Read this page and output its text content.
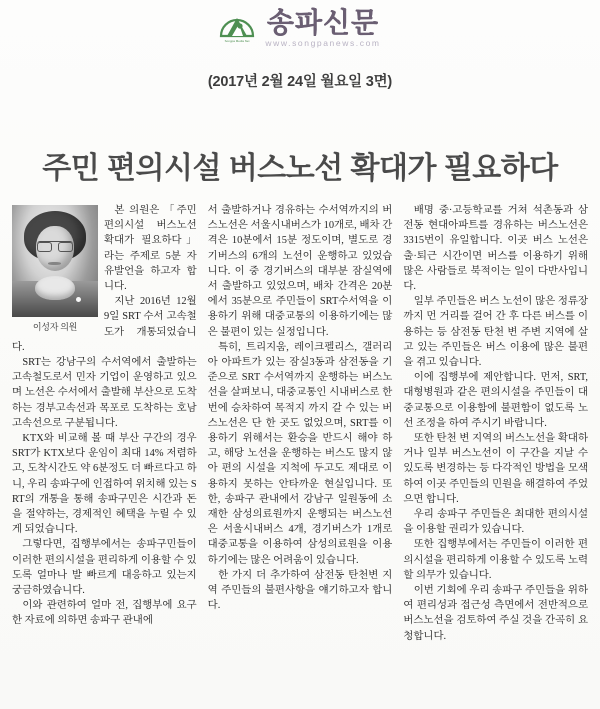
Songpa Media Net
송파신문
www.songpanews.com
(2017년 2월 24일 월요일 3면)
주민 편의시설 버스노선 확대가 필요하다
이성자 의원

본 의원은 「주민 편의시설 버스노선 확대가 필요하다」라는 주제로 5분 자유발언을 하고자 합니다.

지난 2016년 12월 9일 SRT 수서 고속철도가 개통되었습니다.

SRT는 강남구의 수서역에서 출발하는 고속철도로서 민자 기업이 운영하고 있으며 노선은 수서에서 출발해 부산으로 도착하는 경부고속선과 목포로 도착하는 호남 고속선으로 구분됩니다.

KTX와 비교해 볼 때 부산 구간의 경우 SRT가 KTX보다 운임이 최대 14% 저렴하고, 도착시간도 약 6분정도 더 빠르다고 하니, 우리 송파구에 인접하여 위치해 있는 SRT의 개통을 통해 송파구민은 시간과 돈을 절약하는, 경제적인 혜택을 누릴 수 있게 되었습니다.

그렇다면, 집행부에서는 송파구민들이 이러한 편의시설을 편리하게 이용할 수 있도록 얼마나 발 빠르게 대응하고 있는지 궁금하였습니다.

이와 관련하여 얼마 전, 집행부에 요구한 자료에 의하면 송파구 관내에

서 출발하거나 경유하는 수서역까지의 버스노선은 서울시내버스가 10개로, 배차 간격은 10분에서 15분 정도이며, 별도로 경기버스의 6개의 노선이 운행하고 있었습니다. 이 중 경기버스의 대부분 잠실역에서 출발하고 있었으며, 배차 간격은 20분에서 35분으로 주민들이 SRT수서역을 이용하기 위해 대중교통의 이용하기에는 많은 불편이 있는 실정입니다.

특히, 트리지움, 레이크펠리스, 갤러리아 아파트가 있는 잠실3동과 삼전동을 기준으로 SRT 수서역까지 운행하는 버스노선을 살펴보니, 대중교통인 시내버스로 한 번에 승차하여 목적지 까지 갈 수 있는 버스노선은 단 한 곳도 없었으며, SRT를 이용하기 위해서는 환승을 반드시 해야 하고, 해당 노선을 운행하는 버스도 많지 않아 편의 시설을 지척에 두고도 제대로 이용하지 못하는 안타까운 현실입니다. 또한, 송파구 관내에서 강남구 일원동에 소재한 삼성의료원까지 운행되는 버스노선은 서울시내버스 4개, 경기버스가 1개로 대중교통을 이용하여 삼성의료원을 이용하기에는 많은 어려움이 있습니다.

한 가지 더 추가하여 삼전동 탄천변 지역 주민들의 불편사항을 얘기하고자 합니다.

배명 중·고등학교를 거쳐 석촌동과 삼전동 현대아파트를 경유하는 버스노선은 3315번이 유일합니다. 이곳 버스 노선은 출·퇴근 시간이면 버스를 이용하기 위해 많은 사람들로 북적이는 일이 다반사입니다.

일부 주민들은 버스 노선이 많은 정류장까지 먼 거리를 걸어 간 후 다른 버스를 이용하는 등 삼전동 탄천 변 주변 지역에 살고 있는 주민들은 버스 이용에 많은 불편을 겪고 있습니다.

이에 집행부에 제안합니다. 먼저, SRT, 대형병원과 같은 편의시설을 주민들이 대중교통으로 이용함에 불편함이 없도록 노선 조정을 하여 주시기 바랍니다.

또한 탄천 변 지역의 버스노선을 확대하거나 일부 버스노선이 이 구간을 지날 수 있도록 변경하는 등 다각적인 방법을 모색하여 이곳 주민들의 민원을 해결하여 주었으면 합니다.

우리 송파구 주민들은 최대한 편의시설을 이용할 권리가 있습니다.

또한 집행부에서는 주민들이 이러한 편의시설을 편리하게 이용할 수 있도록 노력할 의무가 있습니다.

이번 기회에 우리 송파구 주민들을 위하여 편리성과 접근성 측면에서 전반적으로 버스노선을 검토하여 주실 것을 간곡히 요청합니다.
